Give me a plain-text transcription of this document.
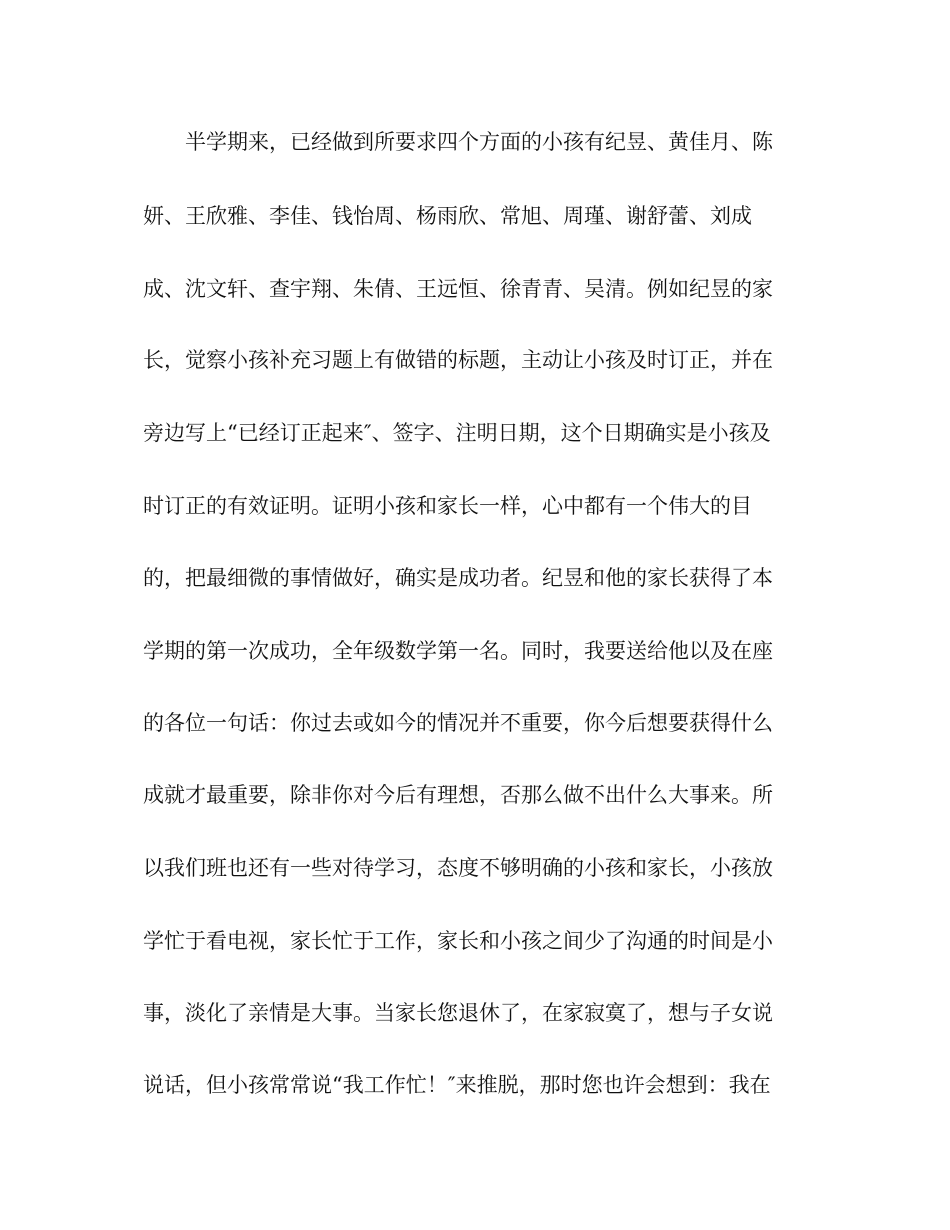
半学期来，已经做到所要求四个方面的小孩有纪昱、黄佳月、陈
妍、王欣雅、李佳、钱怡周、杨雨欣、常旭、周瑾、谢舒蕾、刘成
成、沈文轩、查宇翔、朱倩、王远恒、徐青青、吴清。例如纪昱的家
长，觉察小孩补充习题上有做错的标题，主动让小孩及时订正，并在
旁边写上“已经订正起来″、签字、注明日期，这个日期确实是小孩及
时订正的有效证明。证明小孩和家长一样，心中都有一个伟大的目
的，把最细微的事情做好，确实是成功者。纪昱和他的家长获得了本
学期的第一次成功，全年级数学第一名。同时，我要送给他以及在座
的各位一句话：你过去或如今的情况并不重要，你今后想要获得什么
成就才最重要，除非你对今后有理想，否那么做不出什么大事来。所
以我们班也还有一些对待学习，态度不够明确的小孩和家长，小孩放
学忙于看电视，家长忙于工作，家长和小孩之间少了沟通的时间是小
事，淡化了亲情是大事。当家长您退休了，在家寂寞了，想与子女说
说话，但小孩常常说“我工作忙！″来推脱，那时您也许会想到：我在
